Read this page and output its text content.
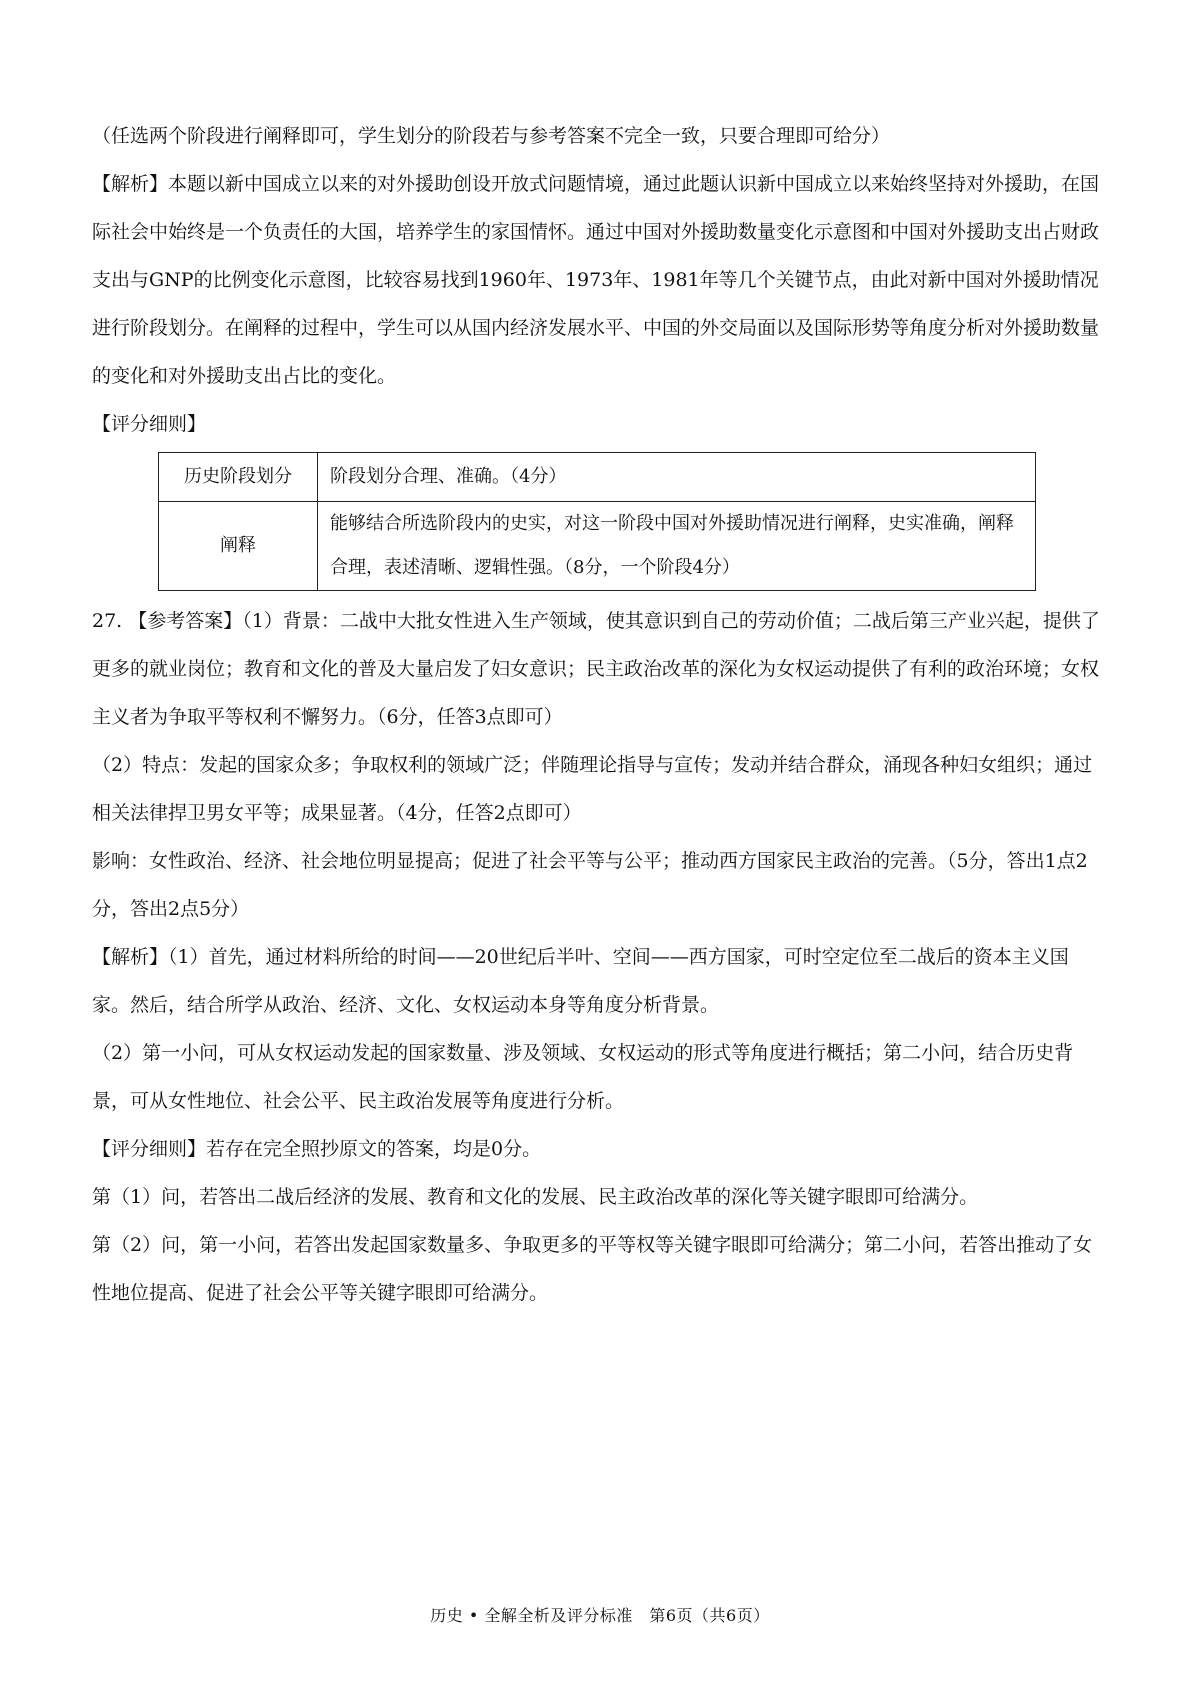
（任选两个阶段进行阐释即可，学生划分的阶段若与参考答案不完全一致，只要合理即可给分）

【解析】本题以新中国成立以来的对外援助创设开放式问题情境，通过此题认识新中国成立以来始终坚持对外援助，在国际社会中始终是一个负责任的大国，培养学生的家国情怀。通过中国对外援助数量变化示意图和中国对外援助支出占财政支出与GNP的比例变化示意图，比较容易找到1960年、1973年、1981年等几个关键节点，由此对新中国对外援助情况进行阶段划分。在阐释的过程中，学生可以从国内经济发展水平、中国的外交局面以及国际形势等角度分析对外援助数量的变化和对外援助支出占比的变化。

【评分细则】

历史阶段划分	阶段划分合理、准确。（4分）
阐释	能够结合所选阶段内的史实，对这一阶段中国对外援助情况进行阐释，史实准确，阐释合理，表述清晰、逻辑性强。（8分，一个阶段4分）

27. 【参考答案】（1）背景：二战中大批女性进入生产领域，使其意识到自己的劳动价值；二战后第三产业兴起，提供了更多的就业岗位；教育和文化的普及大量启发了妇女意识；民主政治改革的深化为女权运动提供了有利的政治环境；女权主义者为争取平等权利不懈努力。（6分，任答3点即可）

（2）特点：发起的国家众多；争取权利的领域广泛；伴随理论指导与宣传；发动并结合群众，涌现各种妇女组织；通过相关法律捍卫男女平等；成果显著。（4分，任答2点即可）

影响：女性政治、经济、社会地位明显提高；促进了社会平等与公平；推动西方国家民主政治的完善。（5分，答出1点2分，答出2点5分）

【解析】（1）首先，通过材料所给的时间——20世纪后半叶、空间——西方国家，可时空定位至二战后的资本主义国家。然后，结合所学从政治、经济、文化、女权运动本身等角度分析背景。

（2）第一小问，可从女权运动发起的国家数量、涉及领域、女权运动的形式等角度进行概括；第二小问，结合历史背景，可从女性地位、社会公平、民主政治发展等角度进行分析。

【评分细则】若存在完全照抄原文的答案，均是0分。

第（1）问，若答出二战后经济的发展、教育和文化的发展、民主政治改革的深化等关键字眼即可给满分。

第（2）问，第一小问，若答出发起国家数量多、争取更多的平等权等关键字眼即可给满分；第二小问，若答出推动了女性地位提高、促进了社会公平等关键字眼即可给满分。

历史 • 全解全析及评分标准　第6页（共6页）
